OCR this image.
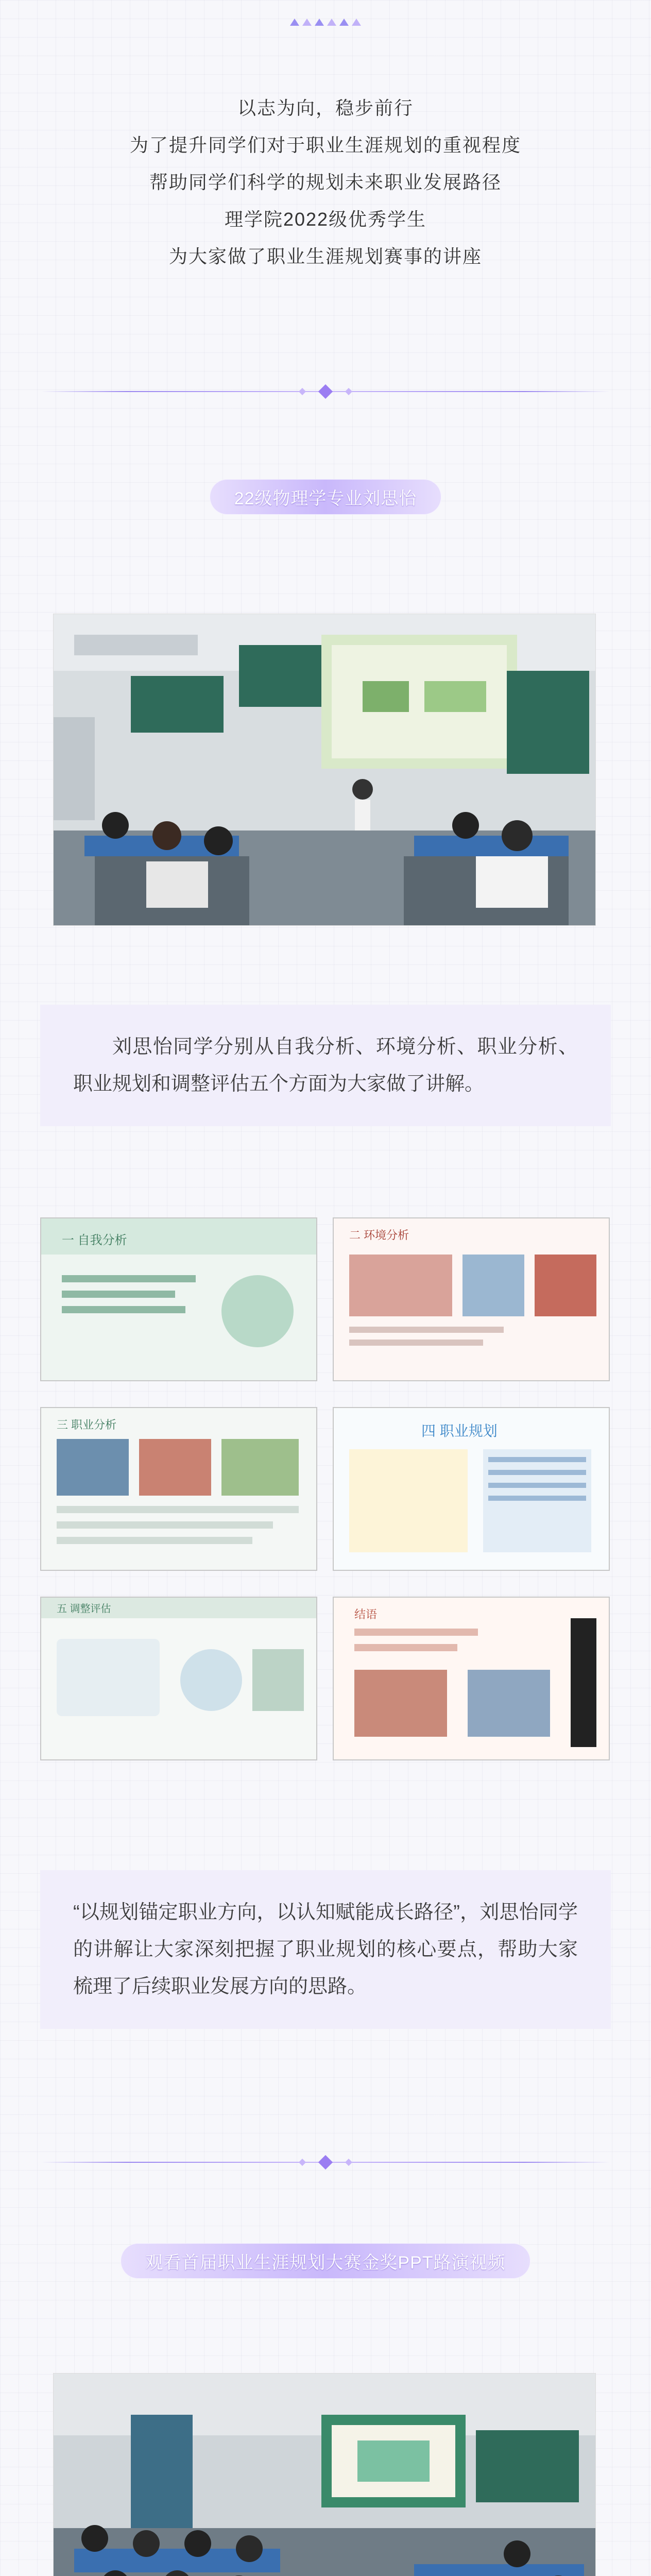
以志为向，稳步前行
为了提升同学们对于职业生涯规划的重视程度
帮助同学们科学的规划未来职业发展路径
理学院2022级优秀学生
为大家做了职业生涯规划赛事的讲座
22级物理学专业刘思怡
刘思怡同学分别从自我分析、环境分析、职业分析、职业规划和调整评估五个方面为大家做了讲解。
一 自我分析	二 环境分析
三 职业分析	四 职业规划
五 调整评估	结语
“以规划锚定职业方向，以认知赋能成长路径”，刘思怡同学的讲解让大家深刻把握了职业规划的核心要点，帮助大家梳理了后续职业发展方向的思路。
观看首届职业生涯规划大赛金奖PPT路演视频
